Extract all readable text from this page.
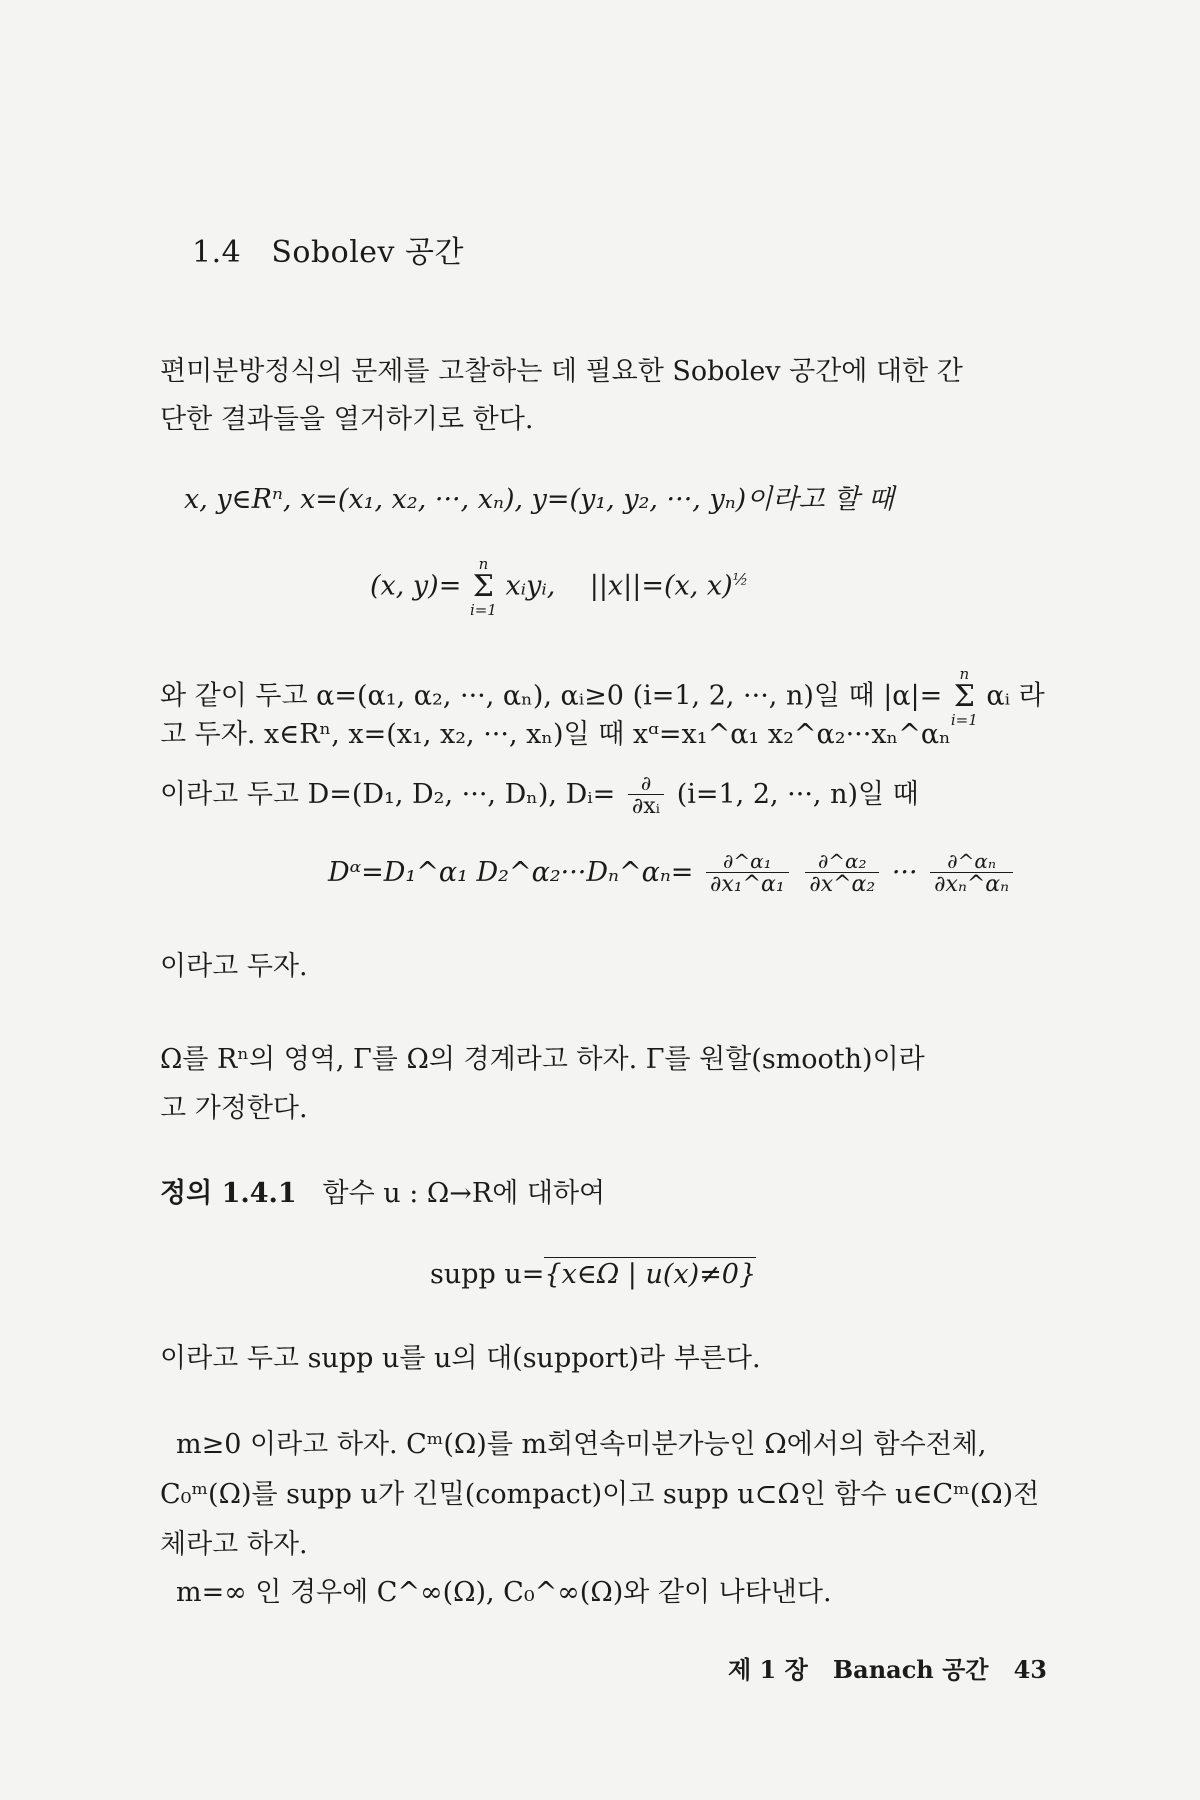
1.4 Sobolev 공간
편미분방정식의 문제를 고찰하는 데 필요한 Sobolev 공간에 대한 간
단한 결과들을 열거하기로 한다.
x, y∈Rⁿ, x=(x₁, x₂, ···, xₙ), y=(y₁, y₂, ···, yₙ)이라고 할 때
(x, y)=
n
Σ
i=1
xᵢyᵢ, ||x||=(x, x)$^{\frac{1}{2}}$
와 같이 두고 α=(α₁, α₂, ···, αₙ), αᵢ≥0 (i=1, 2, ···, n)일 때 |α|=
n
Σ
i=1
αᵢ 라
고 두자. x∈Rⁿ, x=(x₁, x₂, ···, xₙ)일 때 xᵅ=x₁^α₁ x₂^α₂···xₙ^αₙ
이라고 두고 D=(D₁, D₂, ···, Dₙ), Dᵢ= $\frac{\partial}{\text{∂xᵢ}} (i=1$, 2, ···, n)일 때
Dᵅ=D₁^α₁ D₂^α₂···Dₙ^αₙ= $\frac{\text{∂\textasciicircum{}α₁}}{\text{∂x₁\textasciicircum{}α₁}}$
$\frac{\text{∂\textasciicircum{}α₂}}{\text{∂x\textasciicircum{}α₂}}$ ··· $\frac{\text{∂\textasciicircum{}αₙ}}{\text{∂xₙ\textasciicircum{}αₙ}}$
이라고 두자.
Ω를 Rⁿ의 영역, Γ를 Ω의 경계라고 하자. Γ를 원할(smooth)이라
고 가정한다.
정의 1.4.1 함수 u : Ω→R에 대하여
supp u={x∈Ω | u(x)≠0}
이라고 두고 supp u를 u의 대(support)라 부른다.
m≥0 이라고 하자. Cᵐ(Ω)를 m회연속미분가능인 Ω에서의 함수전체,
C₀ᵐ(Ω)를 supp u가 긴밀(compact)이고 supp u⊂Ω인 함수 u∈Cᵐ(Ω)전
체라고 하자.
m=∞ 인 경우에 C^∞(Ω), C₀^∞(Ω)와 같이 나타낸다.
제 1 장 Banach 공간 43
